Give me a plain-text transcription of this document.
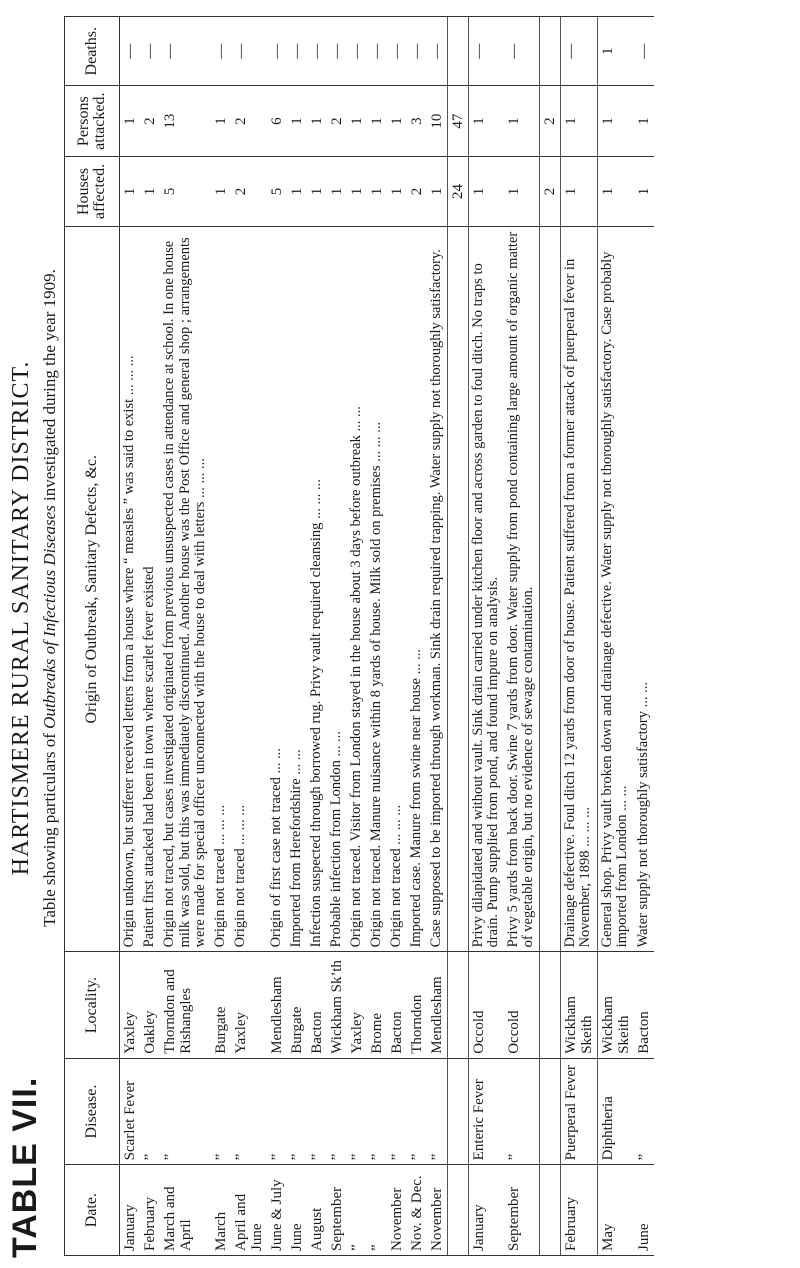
TABLE VII.
HARTISMERE RURAL SANITARY DISTRICT. Table showing particulars of Outbreaks of Infectious Diseases investigated during the year 1909.
Date.	Disease.	Locality.	Origin of Outbreak, Sanitary Defects, &c.	Houses affected.	Persons attacked.	Deaths.
January	Scarlet Fever	Yaxley	Origin unknown, but sufferer received letters from a house where “ measles ” was said to exist ... ... ...	1	1	—
February	”	Oakley	Patient first attacked had been in town where scarlet fever existed	1	2	—
March and April	”	Thorndon and Rishangles	Origin not traced, but cases investigated originated from previous unsuspected cases in attendance at school. In one house milk was sold, but this was immediately discontinued. Another house was the Post Office and general shop ; arrangements were made for special officer unconnected with the house to deal with letters ... ... ...	5	13	—
March	”	Burgate	Origin not traced ... ... ...	1	1	—
April and June	”	Yaxley	Origin not traced ... ... ...	2	2	—
June & July	”	Mendlesham	Origin of first case not traced ... ...	5	6	—
June	”	Burgate	Imported from Herefordshire ... ...	1	1	—
August	”	Bacton	Infection suspected through borrowed rug. Privy vault required cleansing ... ... ...	1	1	—
September	”	Wickham Sk’th	Probable infection from London ... ...	1	2	—
”	”	Yaxley	Origin not traced. Visitor from London stayed in the house about 3 days before outbreak ... ...	1	1	—
”	”	Brome	Origin not traced. Manure nuisance within 8 yards of house. Milk sold on premises ... ... ...	1	1	—
November	”	Bacton	Origin not traced ... ... ...	1	1	—
Nov. & Dec.	”	Thorndon	Imported case. Manure from swine near house ... ...	2	3	—
November	”	Mendlesham	Case supposed to be imported through workman. Sink drain required trapping. Water supply not thoroughly satisfactory.	1	10	—
				24	47	
January	Enteric Fever	Occold	Privy dilapidated and without vault. Sink drain carried under kitchen floor and across garden to foul ditch. No traps to drain. Pump supplied from pond, and found impure on analysis.	1	1	—
September	”	Occold	Privy 5 yards from back door. Swine 7 yards from door. Water supply from pond containing large amount of organic matter of vegetable origin, but no evidence of sewage contamination.	1	1	—
				2	2	
February	Puerperal Fever	Wickham Skeith	Drainage defective. Foul ditch 12 yards from door of house. Patient suffered from a former attack of puerperal fever in November, 1898 ... ... ...	1	1	—
May	Diphtheria	Wickham Skeith	General shop. Privy vault broken down and drainage defective. Water supply not thoroughly satisfactory. Case probably imported from London ... ...	1	1	1
June	”	Bacton	Water supply not thoroughly satisfactory ... ...	1	1	—
